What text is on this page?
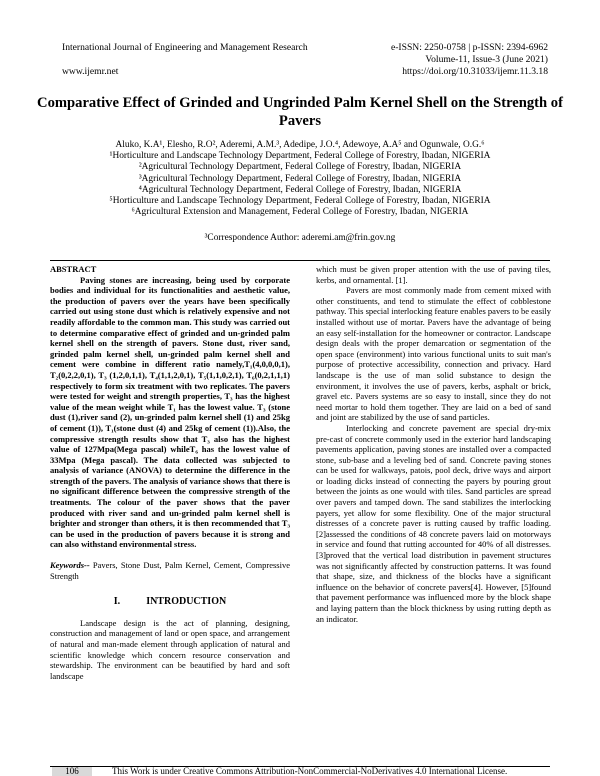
International Journal of Engineering and Management Research	e-ISSN: 2250-0758 | p-ISSN: 2394-6962
Volume-11, Issue-3 (June 2021)
www.ijemr.net	https://doi.org/10.31033/ijemr.11.3.18
Comparative Effect of Grinded and Ungrinded Palm Kernel Shell on the Strength of Pavers
Aluko, K.A¹, Elesho, R.O², Aderemi, A.M.³, Adedipe, J.O.⁴, Adewoye, A.A⁵ and Ogunwale, O.G.⁶
¹Horticulture and Landscape Technology Department, Federal College of Forestry, Ibadan, NIGERIA
²Agricultural Technology Department, Federal College of Forestry, Ibadan, NIGERIA
³Agricultural Technology Department, Federal College of Forestry, Ibadan, NIGERIA
⁴Agricultural Technology Department, Federal College of Forestry, Ibadan, NIGERIA
⁵Horticulture and Landscape Technology Department, Federal College of Forestry, Ibadan, NIGERIA
⁶Agricultural Extension and Management, Federal College of Forestry, Ibadan, NIGERIA
³Correspondence Author: aderemi.am@frin.gov.ng

ABSTRACT

Paving stones are increasing, being used by corporate bodies and individual for its functionalities and aesthetic value, the production of pavers over the years have been specifically carried out using stone dust which is relatively expensive and not readily affordable to the common man. This study was carried out to determine comparative effect of grinded and un-grinded palm kernel shell on the strength of pavers. Stone dust, river sand, grinded palm kernel shell, un-grinded palm kernel shell and cement were combine in different ratio namely,T₁(4,0,0,0,1), T₂(0,2,2,0,1), T₃ (1,2,0,1,1), T₄(1,1,2,0,1), T₅(1,1,0,2,1), T₆(0,2,1,1,1) respectively to form six treatment with two replicates. The pavers were tested for weight and strength properties, T₃ has the highest value of the mean weight while T₁ has the lowest value. T₃ (stone dust (1),river sand (2), un-grinded palm kernel shell (1) and 25kg of cement (1)), T₁(stone dust (4) and 25kg of cement (1)).Also, the compressive strength results show that T₃ also has the highest value of 127Mpa(Mega pascal) whileT₆ has the lowest value of 33Mpa (Mega pascal). The data collected was subjected to analysis of variance (ANOVA) to determine the difference in the strength of the pavers. The analysis of variance shows that there is no significant difference between the compressive strength of the treatments. The colour of the paver shows that the paver produced with river sand and un-grinded palm kernel shell is brighter and stronger than others, it is then recommended that T₃ can be used in the production of pavers because it is strong and can also withstand environmental stress.

Keywords-- Pavers, Stone Dust, Palm Kernel, Cement, Compressive Strength

I.	INTRODUCTION

Landscape design is the act of planning, designing, construction and management of land or open space, and arrangement of natural and man-made element through application of natural and scientific knowledge which concern resource conservation and stewardship. The environment can be beautified by hard and soft landscape

which must be given proper attention with the use of paving tiles, kerbs, and ornamental. [1].

Pavers are most commonly made from cement mixed with other constituents, and tend to stimulate the effect of cobblestone pathway. This special interlocking feature enables pavers to be easily installed without use of mortar. Pavers have the advantage of being an easy self-installation for the homeowner or contractor. Landscape design deals with the proper demarcation or segmentation of the open space (environment) into various functional units to suit man's purpose of protective accessibility, connection and privacy. Hard landscape is the use of man solid substance to design the environment, it involves the use of pavers, kerbs, asphalt or brick, gravel etc. Pavers systems are so easy to install, since they do not need mortar to hold them together. They are laid on a bed of sand and joint are stabilized by the use of sand particles.

Interlocking and concrete pavement are special dry-mix pre-cast of concrete commonly used in the exterior hard landscaping pavements application, paving stones are installed over a compacted stone, sub-base and a leveling bed of sand. Concrete paving stones can be used for walkways, patois, pool deck, drive ways and airport or loading dicks instead of connecting the payers by pouring grout between the joints as one would with tiles. Sand particles are spread over pavers and tamped down. The sand stabilizes the interlocking payers, yet allow for some flexibility. One of the major structural distresses of a concrete paver is rutting caused by traffic loading.[2]assessed the conditions of 48 concrete pavers laid on motorways in service and found that rutting accounted for 40% of all distresses. [3]proved that the vertical load distribution in pavement structures was not significantly affected by construction patterns. It was found that shape, size, and thickness of the blocks have a significant influence on the behavior of concrete pavers[4]. However, [5]found that pavement performance was influenced more by the block shape and laying pattern than the block thickness by using rutting depth as an indicator.

106	This Work is under Creative Commons Attribution-NonCommercial-NoDerivatives 4.0 International License.
